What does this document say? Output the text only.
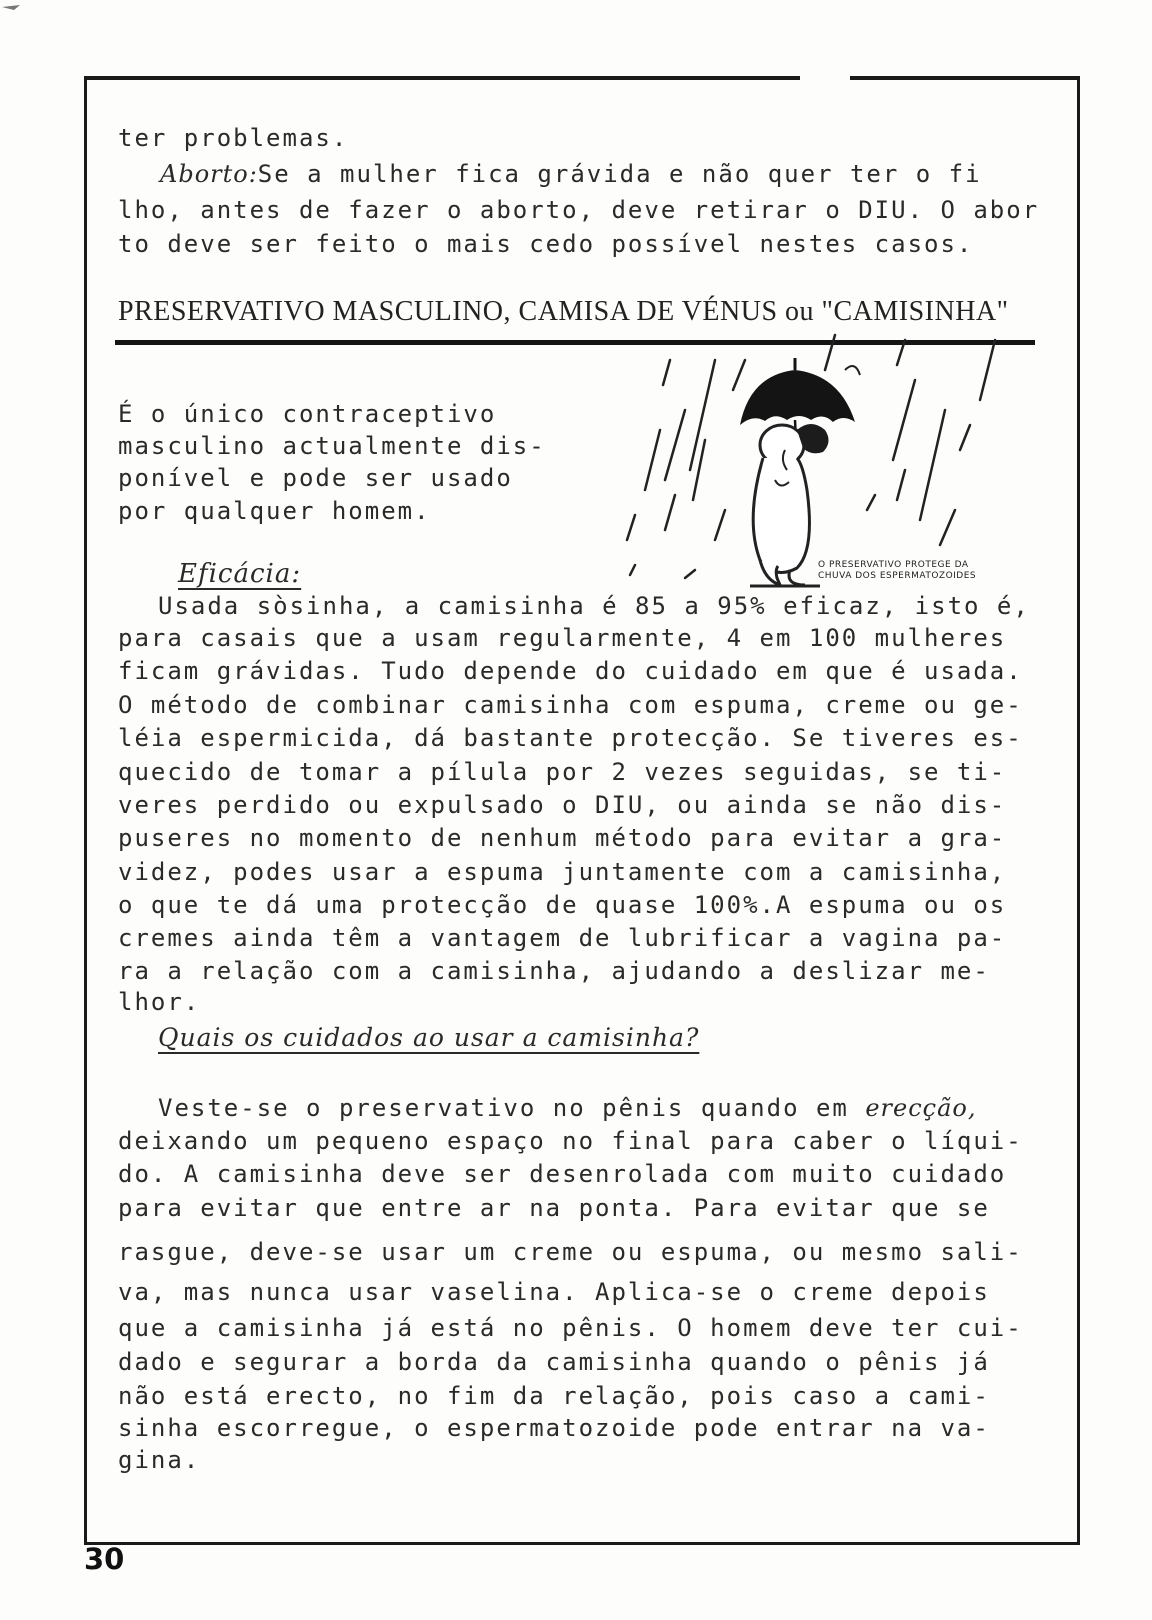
ter problemas.

Aborto:Se a mulher fica grávida e não quer ter o fi

lho, antes de fazer o aborto, deve retirar o DIU. O abor

to deve ser feito o mais cedo possível nestes casos.

PRESERVATIVO MASCULINO, CAMISA DE VÉNUS ou "CAMISINHA"

É o único contraceptivo

masculino actualmente dis-

ponível e pode ser usado

por qualquer homem.

O PRESERVATIVO PROTEGE DA
CHUVA DOS ESPERMATOZOIDES

Eficácia:

Usada sòsinha, a camisinha é 85 a 95% eficaz, isto é,

para casais que a usam regularmente, 4 em 100 mulheres

ficam grávidas. Tudo depende do cuidado em que é usada.

O método de combinar camisinha com espuma, creme ou ge-

léia espermicida, dá bastante protecção. Se tiveres es-

quecido de tomar a pílula por 2 vezes seguidas, se ti-

veres perdido ou expulsado o DIU, ou ainda se não dis-

puseres no momento de nenhum método para evitar a gra-

videz, podes usar a espuma juntamente com a camisinha,

o que te dá uma protecção de quase 100%.A espuma ou os

cremes ainda têm a vantagem de lubrificar a vagina pa-

ra a relação com a camisinha, ajudando a deslizar me-

lhor.

Quais os cuidados ao usar a camisinha?

Veste-se o preservativo no pênis quando em erecção,

deixando um pequeno espaço no final para caber o líqui-

do. A camisinha deve ser desenrolada com muito cuidado

para evitar que entre ar na ponta. Para evitar que se

rasgue, deve-se usar um creme ou espuma, ou mesmo sali-

va, mas nunca usar vaselina. Aplica-se o creme depois

que a camisinha já está no pênis. O homem deve ter cui-

dado e segurar a borda da camisinha quando o pênis já

não está erecto, no fim da relação, pois caso a cami-

sinha escorregue, o espermatozoide pode entrar na va-

gina.

30
